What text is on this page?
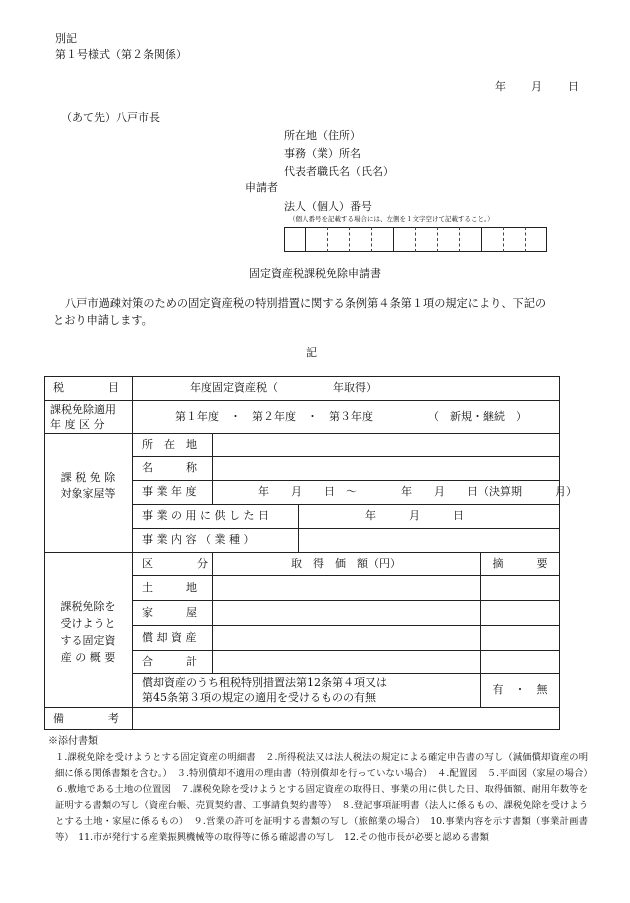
別記
第１号様式（第２条関係）
年 月 日
（あて先）八戸市長
所在地（住所）
事務（業）所名
代表者職氏名（氏名）
申請者
法人（個人）番号
（個人番号を記載する場合には、左側を１文字空けて記載すること。）
固定資産税課税免除申請書
八戸市過疎対策のための固定資産税の特別措置に関する条例第４条第１項の規定により、下記の
とおり申請します。
記
税　　　　目	年度固定資産税（　　　　　年取得）
課税免除適用
年 度 区 分
第１年度　・　第２年度　・　第３年度	（　新規・継続　）
課 税 免 除
対象家屋等
所　在　地
名　　　称
事 業 年 度	年　　月　　日　～　　　　年　　月　　日（決算期　　　月）
事 業 の 用 に 供 し た 日	年　　　月　　　日
事 業 内 容 （ 業 種 ）
課税免除を
受けようと
する固定資
産 の 概 要
区　　　　分	取　得　価　額（円）	摘　　　要
土　　　地
家　　　屋
償 却 資 産
合　　　計
償却資産のうち租税特別措置法第12条第４項又は
第45条第３項の規定の適用を受けるものの有無
有　・　無
備　　　　考
※添付書類
１.課税免除を受けようとする固定資産の明細書　２.所得税法又は法人税法の規定による確定申告書の写し（減価償却資産の明細に係る関係書類を含む。）　３.特別償却不適用の理由書（特別償却を行っていない場合）　４.配置図　５.平面図（家屋の場合）　６.敷地である土地の位置図　７.課税免除を受けようとする固定資産の取得日、事業の用に供した日、取得価額、耐用年数等を証明する書類の写し（資産台帳、売買契約書、工事請負契約書等）　８.登記事項証明書（法人に係るもの、課税免除を受けようとする土地・家屋に係るもの）　９.営業の許可を証明する書類の写し（旅館業の場合）　10.事業内容を示す書類（事業計画書等）　11.市が発行する産業振興機械等の取得等に係る確認書の写し　12.その他市長が必要と認める書類
